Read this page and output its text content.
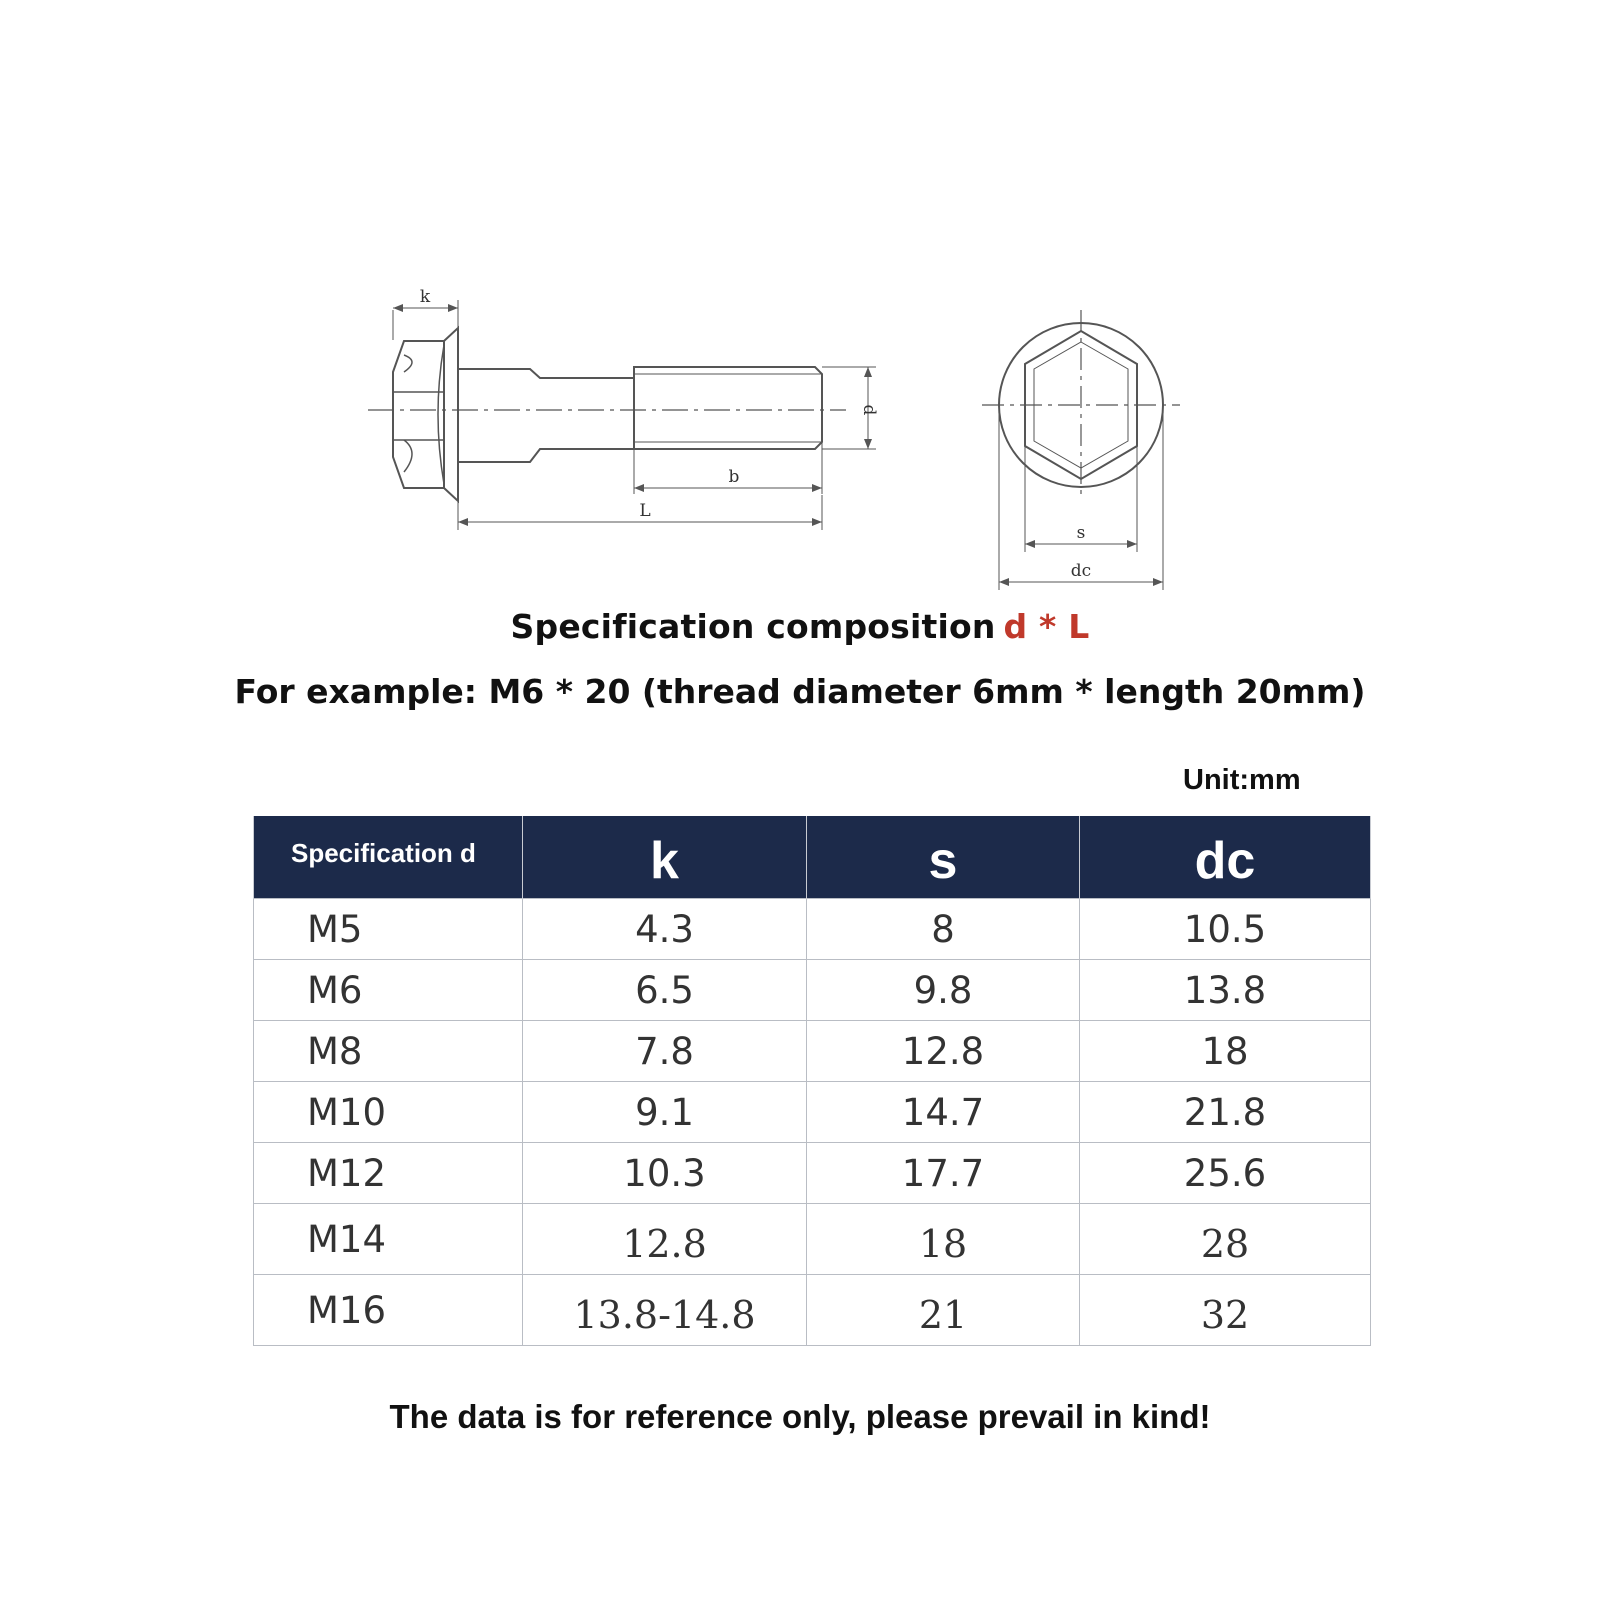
k
d
b
L
s
dc
Specification composition d * L
For example: M6 * 20 (thread diameter 6mm * length 20mm)
Unit:mm
Specification d	k	s	dc
M5	4.3	8	10.5
M6	6.5	9.8	13.8
M8	7.8	12.8	18
M10	9.1	14.7	21.8
M12	10.3	17.7	25.6
M14	12.8	18	28
M16	13.8-14.8	21	32
The data is for reference only, please prevail in kind!
